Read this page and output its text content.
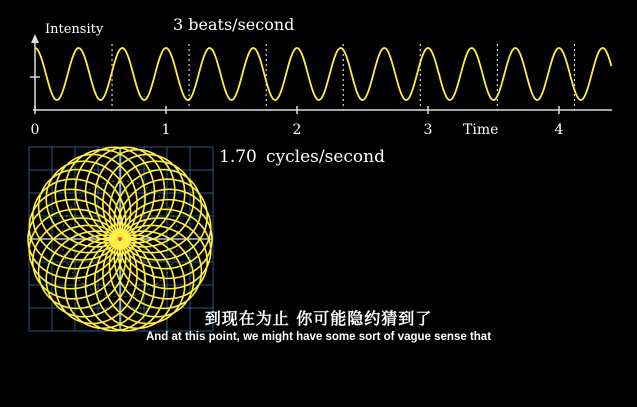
Intensity	3 beats/second
Time
0	1	2	3	4
1.70 cycles/second
到现在为止 你可能隐约猜到了
And at this point, we might have some sort of vague sense that
